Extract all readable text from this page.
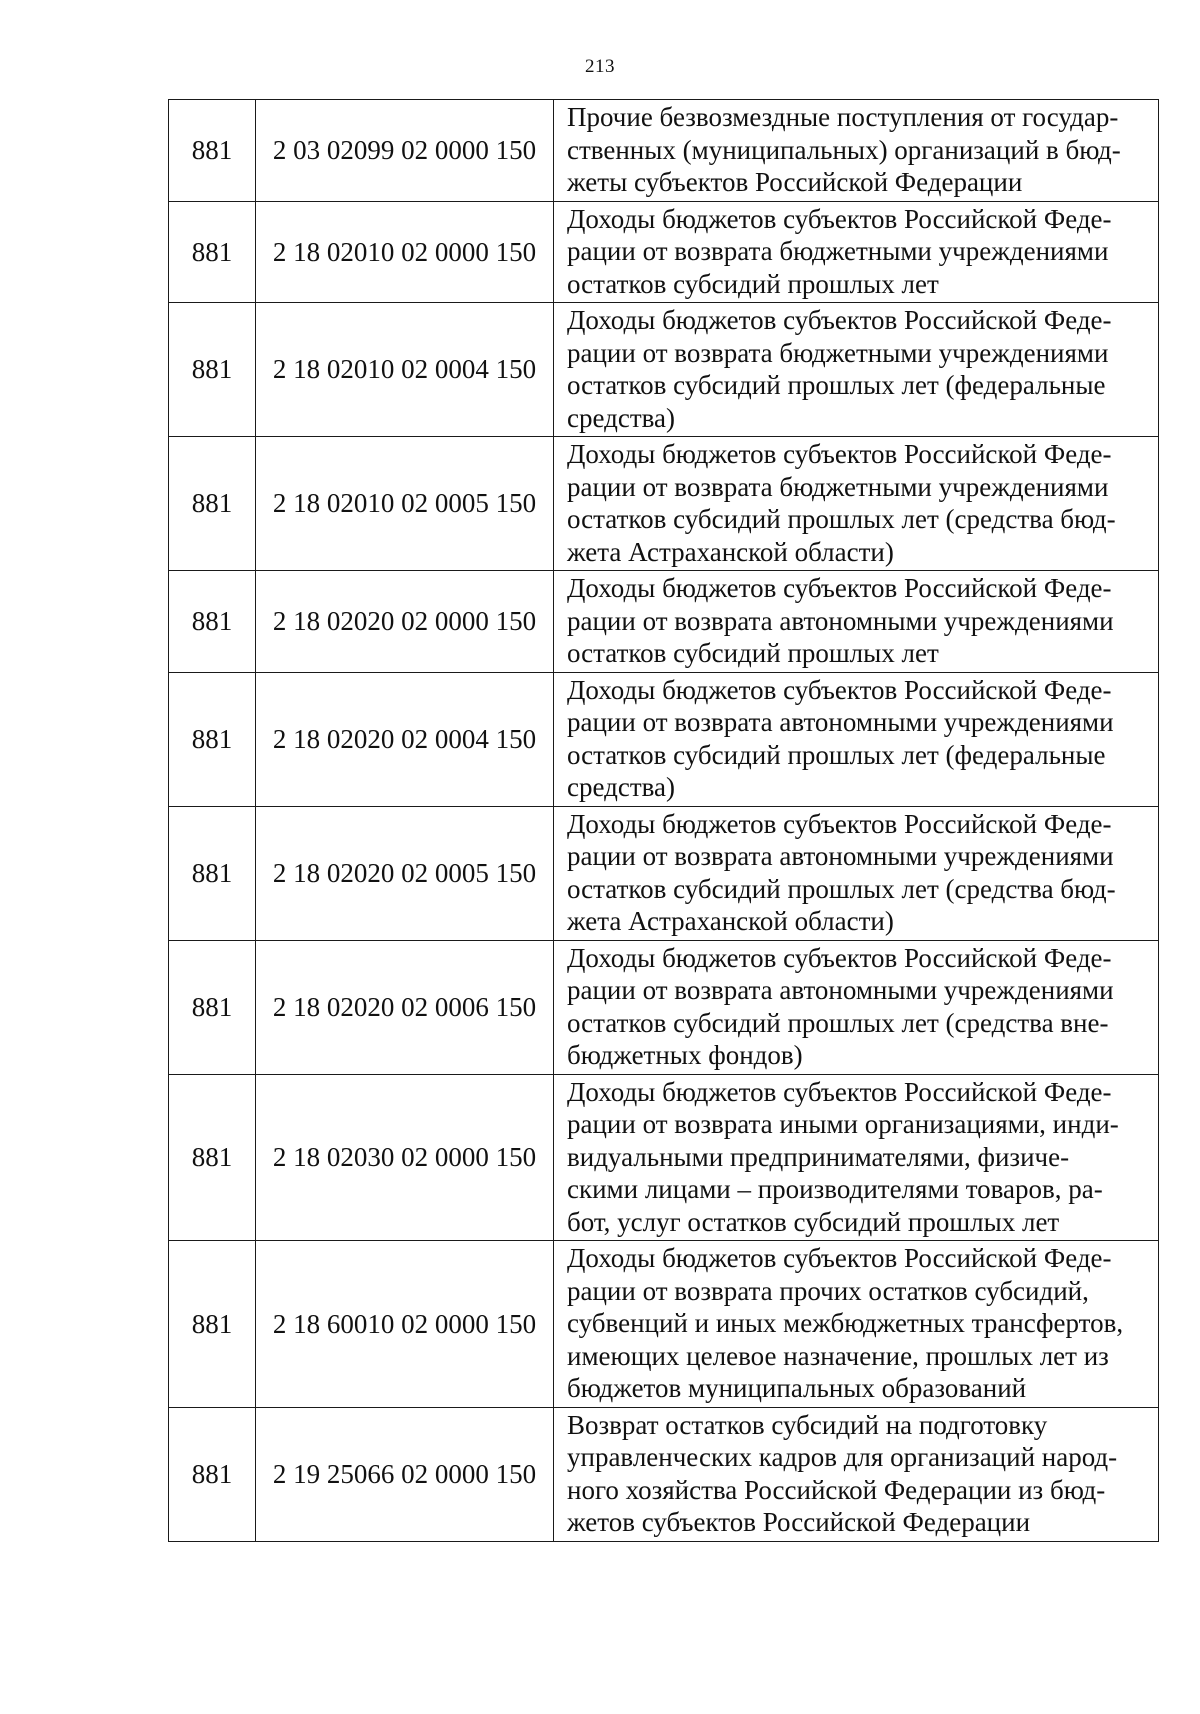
213
881	2 03 02099 02 0000 150	Прочие безвозмездные поступления от государ-
ственных (муниципальных) организаций в бюд-
жеты субъектов Российской Федерации
881	2 18 02010 02 0000 150	Доходы бюджетов субъектов Российской Феде-
рации от возврата бюджетными учреждениями
остатков субсидий прошлых лет
881	2 18 02010 02 0004 150	Доходы бюджетов субъектов Российской Феде-
рации от возврата бюджетными учреждениями
остатков субсидий прошлых лет (федеральные
средства)
881	2 18 02010 02 0005 150	Доходы бюджетов субъектов Российской Феде-
рации от возврата бюджетными учреждениями
остатков субсидий прошлых лет (средства бюд-
жета Астраханской области)
881	2 18 02020 02 0000 150	Доходы бюджетов субъектов Российской Феде-
рации от возврата автономными учреждениями
остатков субсидий прошлых лет
881	2 18 02020 02 0004 150	Доходы бюджетов субъектов Российской Феде-
рации от возврата автономными учреждениями
остатков субсидий прошлых лет (федеральные
средства)
881	2 18 02020 02 0005 150	Доходы бюджетов субъектов Российской Феде-
рации от возврата автономными учреждениями
остатков субсидий прошлых лет (средства бюд-
жета Астраханской области)
881	2 18 02020 02 0006 150	Доходы бюджетов субъектов Российской Феде-
рации от возврата автономными учреждениями
остатков субсидий прошлых лет (средства вне-
бюджетных фондов)
881	2 18 02030 02 0000 150	Доходы бюджетов субъектов Российской Феде-
рации от возврата иными организациями, инди-
видуальными предпринимателями, физиче-
скими лицами – производителями товаров, ра-
бот, услуг остатков субсидий прошлых лет
881	2 18 60010 02 0000 150	Доходы бюджетов субъектов Российской Феде-
рации от возврата прочих остатков субсидий,
субвенций и иных межбюджетных трансфертов,
имеющих целевое назначение, прошлых лет из
бюджетов муниципальных образований
881	2 19 25066 02 0000 150	Возврат остатков субсидий на подготовку
управленческих кадров для организаций народ-
ного хозяйства Российской Федерации из бюд-
жетов субъектов Российской Федерации
